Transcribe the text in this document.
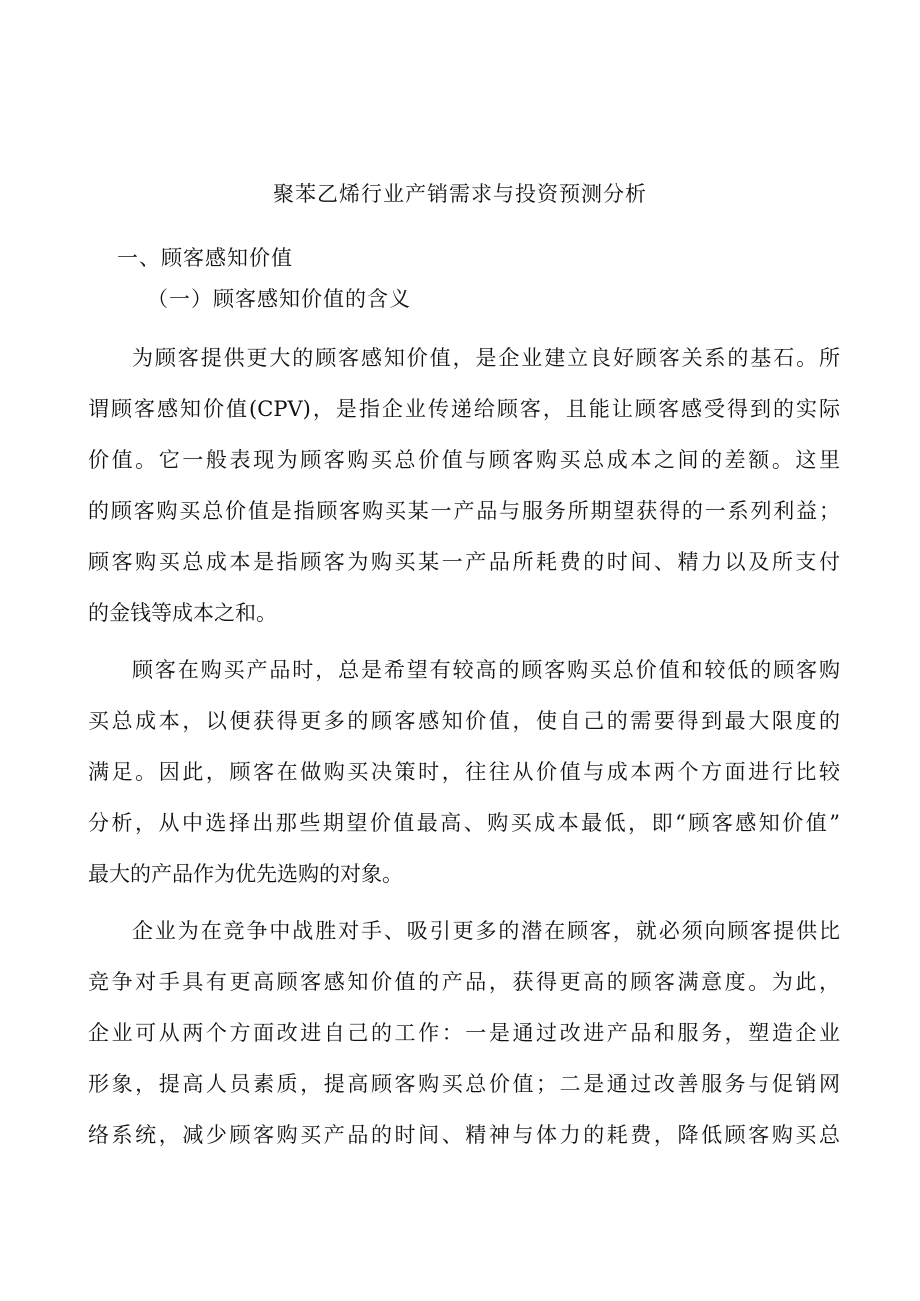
聚苯乙烯行业产销需求与投资预测分析
一、顾客感知价值
（一）顾客感知价值的含义
为顾客提供更大的顾客感知价值，是企业建立良好顾客关系的基石。所
谓顾客感知价值(CPV)，是指企业传递给顾客，且能让顾客感受得到的实际
价值。它一般表现为顾客购买总价值与顾客购买总成本之间的差额。这里
的顾客购买总价值是指顾客购买某一产品与服务所期望获得的一系列利益；
顾客购买总成本是指顾客为购买某一产品所耗费的时间、精力以及所支付
的金钱等成本之和。
顾客在购买产品时，总是希望有较高的顾客购买总价值和较低的顾客购
买总成本，以便获得更多的顾客感知价值，使自己的需要得到最大限度的
满足。因此，顾客在做购买决策时，往往从价值与成本两个方面进行比较
分析，从中选择出那些期望价值最高、购买成本最低，即“顾客感知价值”
最大的产品作为优先选购的对象。
企业为在竞争中战胜对手、吸引更多的潜在顾客，就必须向顾客提供比
竞争对手具有更高顾客感知价值的产品，获得更高的顾客满意度。为此，
企业可从两个方面改进自己的工作：一是通过改进产品和服务，塑造企业
形象，提高人员素质，提高顾客购买总价值；二是通过改善服务与促销网
络系统，减少顾客购买产品的时间、精神与体力的耗费，降低顾客购买总
